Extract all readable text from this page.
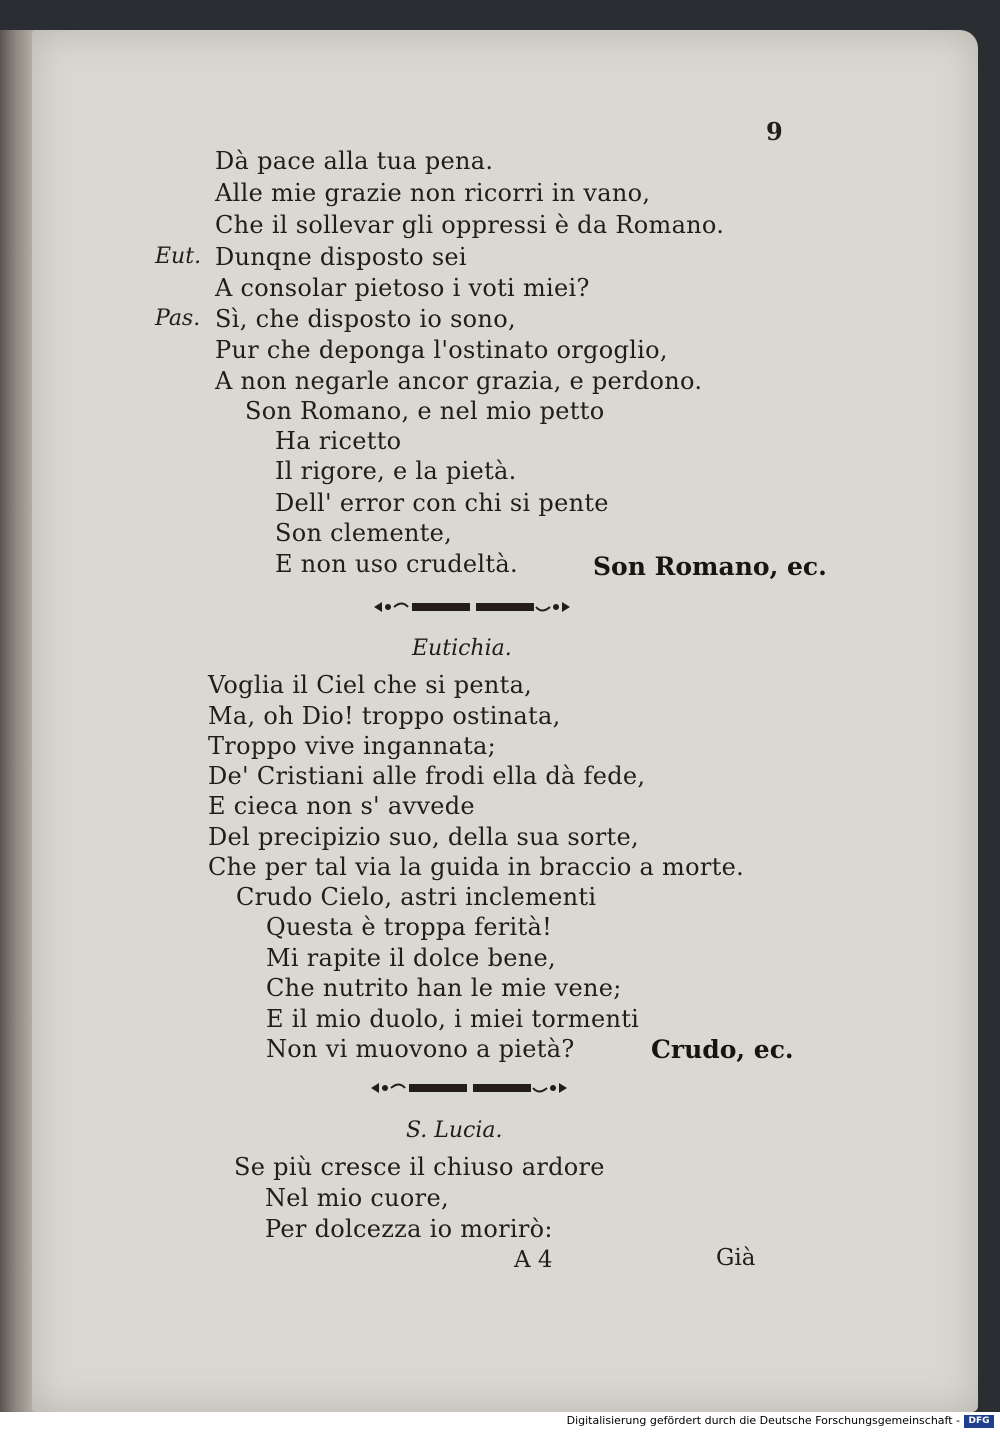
9
Dà pace alla tua pena.
Alle mie grazie non ricorri in vano,
Che il sollevar gli oppressi è da Romano.
Eut. Dunqne disposto sei
A consolar pietoso i voti miei?
Pas. Sì, che disposto io sono,
Pur che deponga l'ostinato orgoglio,
A non negarle ancor grazia, e perdono.
Son Romano, e nel mio petto
Ha ricetto
Il rigore, e la pietà.
Dell' error con chi si pente
Son clemente,
E non uso crudeltà.	Son Romano, ec.
Eutichia.
Voglia il Ciel che si penta,
Ma, oh Dio! troppo ostinata,
Troppo vive ingannata;
De' Cristiani alle frodi ella dà fede,
E cieca non s' avvede
Del precipizio suo, della sua sorte,
Che per tal via la guida in braccio a morte.
Crudo Cielo, astri inclementi
Questa è troppa ferità!
Mi rapite il dolce bene,
Che nutrito han le mie vene;
E il mio duolo, i miei tormenti
Non vi muovono a pietà?	Crudo, ec.
S. Lucia.
Se più cresce il chiuso ardore
Nel mio cuore,
Per dolcezza io morirò:
A 4	Già
Digitalisierung gefördert durch die Deutsche Forschungsgemeinschaft - DFG
